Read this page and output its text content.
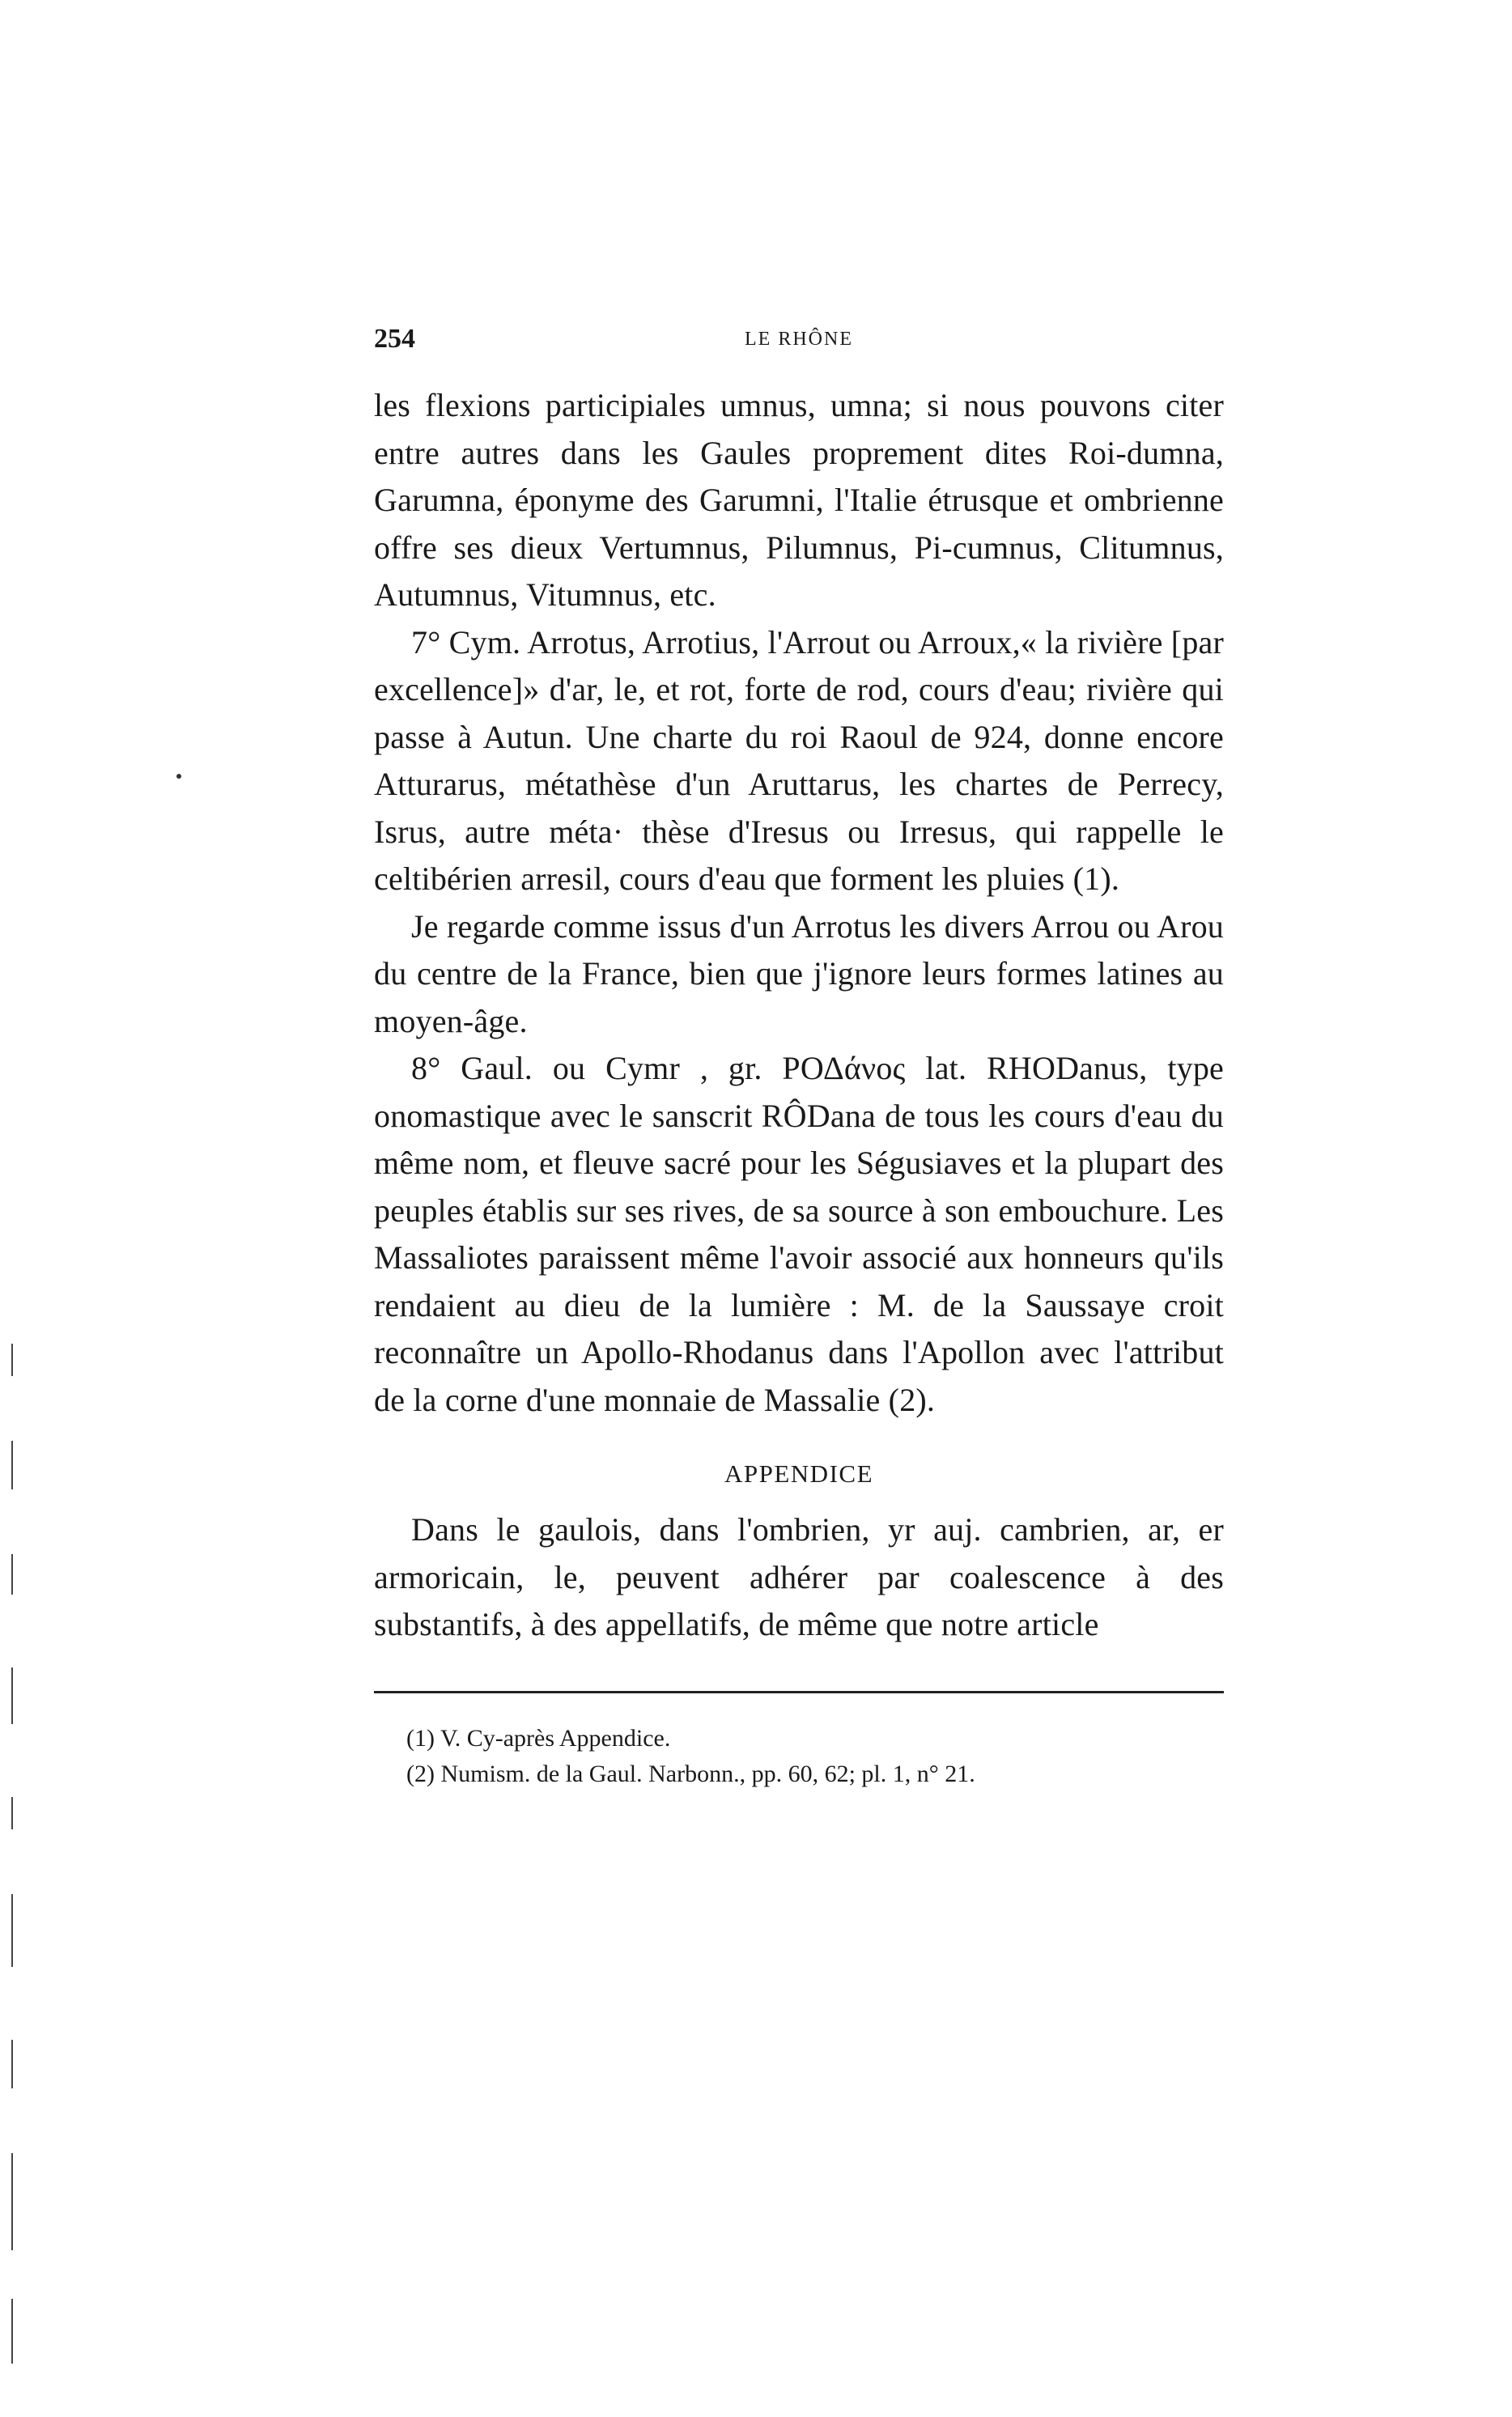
254	LE RHÔNE

les flexions participiales umnus, umna; si nous pouvons citer entre autres dans les Gaules proprement dites Roi-dumna, Garumna, éponyme des Garumni, l'Italie étrusque et ombrienne offre ses dieux Vertumnus, Pilumnus, Pi-cumnus, Clitumnus, Autumnus, Vitumnus, etc.

7° Cym. Arrotus, Arrotius, l'Arrout ou Arroux,« la rivière [par excellence]» d'ar, le, et rot, forte de rod, cours d'eau; rivière qui passe à Autun. Une charte du roi Raoul de 924, donne encore Atturarus, métathèse d'un Aruttarus, les chartes de Perrecy, Isrus, autre méta· thèse d'Iresus ou Irresus, qui rappelle le celtibérien arresil, cours d'eau que forment les pluies (1).

Je regarde comme issus d'un Arrotus les divers Arrou ou Arou du centre de la France, bien que j'ignore leurs formes latines au moyen-âge.

8° Gaul. ou Cymr , gr. ΡΟΔάνος lat. RHODanus, type onomastique avec le sanscrit RÔDana de tous les cours d'eau du même nom, et fleuve sacré pour les Ségusiaves et la plupart des peuples établis sur ses rives, de sa source à son embouchure. Les Massaliotes paraissent même l'avoir associé aux honneurs qu'ils rendaient au dieu de la lumière : M. de la Saussaye croit reconnaître un Apollo-Rhodanus dans l'Apollon avec l'attribut de la corne d'une monnaie de Massalie (2).

APPENDICE

Dans le gaulois, dans l'ombrien, yr auj. cambrien, ar, er armoricain, le, peuvent adhérer par coalescence à des substantifs, à des appellatifs, de même que notre article

(1) V. Cy-après Appendice.
(2) Numism. de la Gaul. Narbonn., pp. 60, 62; pl. 1, n° 21.
